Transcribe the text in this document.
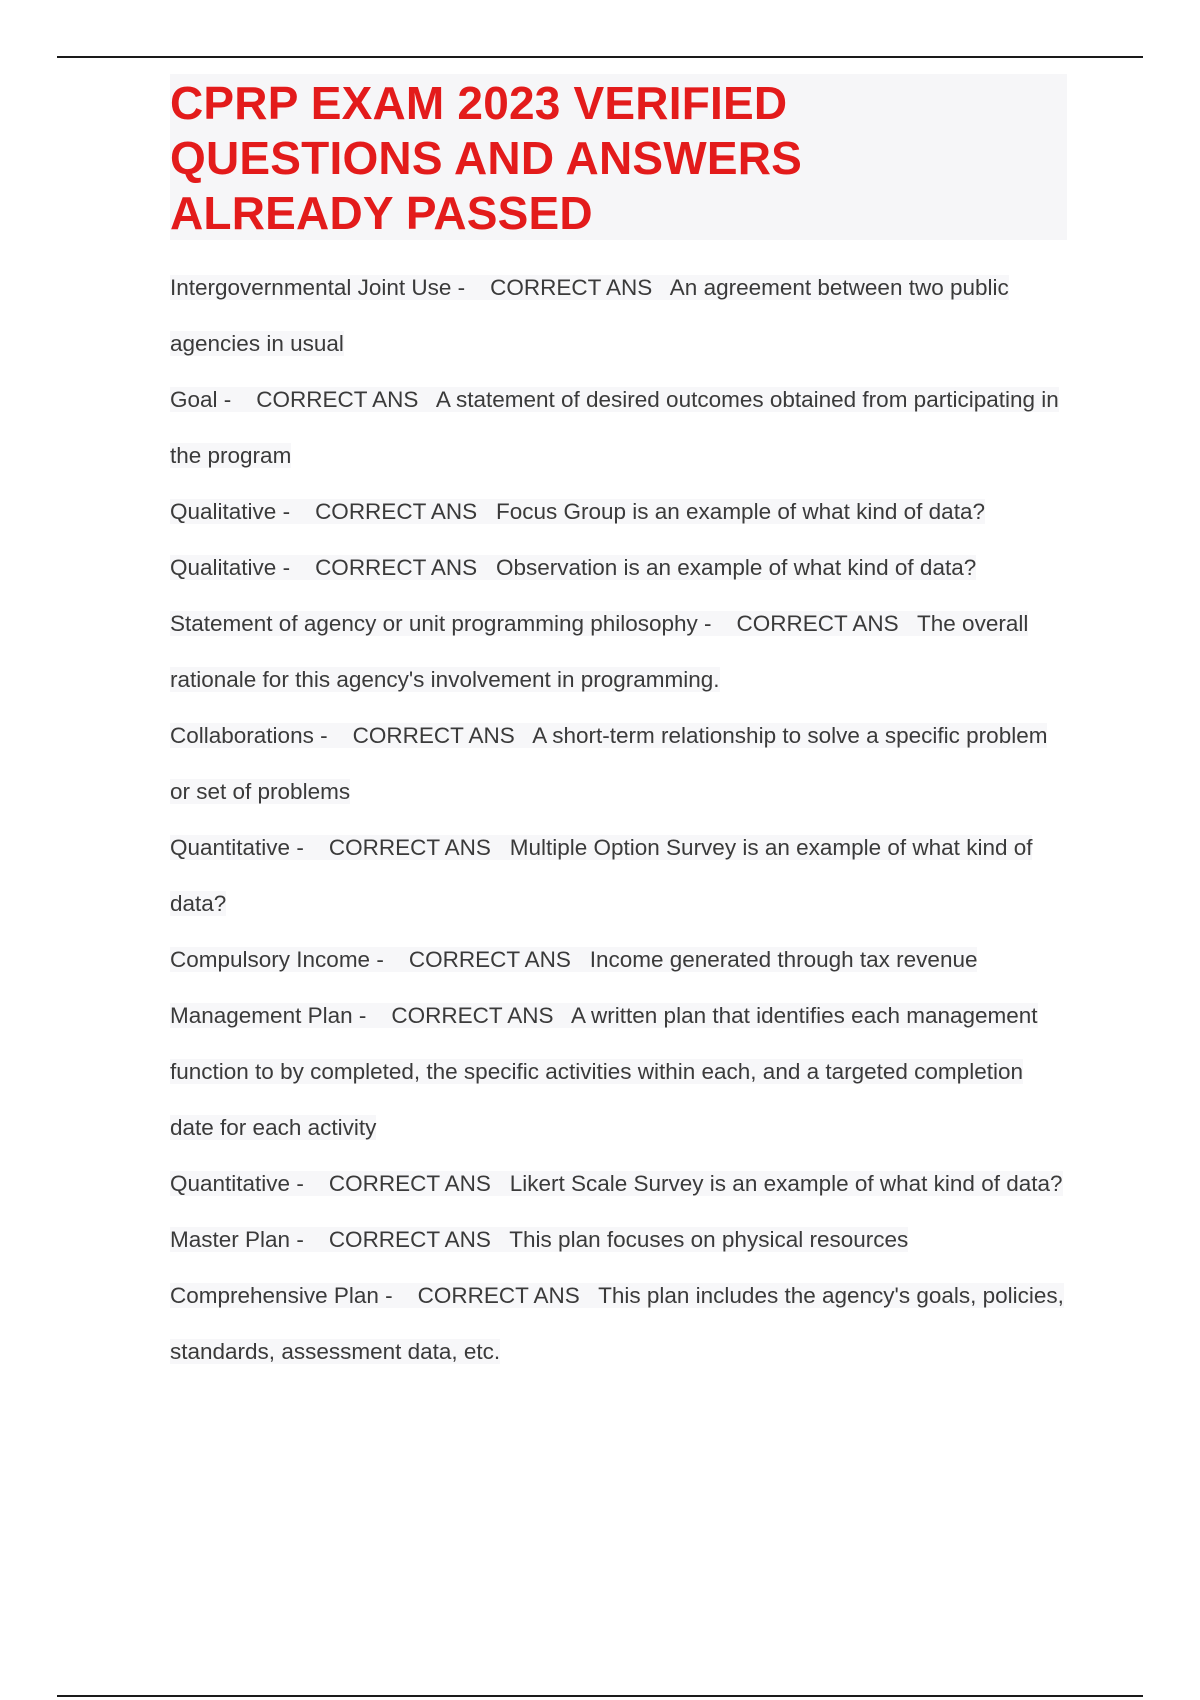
CPRP EXAM 2023 VERIFIED QUESTIONS AND ANSWERS ALREADY PASSED
Intergovernmental Joint Use -    CORRECT ANS An agreement between two public agencies in usual
Goal -    CORRECT ANS A statement of desired outcomes obtained from participating in the program
Qualitative -    CORRECT ANS Focus Group is an example of what kind of data?
Qualitative -    CORRECT ANS Observation is an example of what kind of data?
Statement of agency or unit programming philosophy -    CORRECT ANS The overall rationale for this agency's involvement in programming.
Collaborations -    CORRECT ANS A short-term relationship to solve a specific problem or set of problems
Quantitative -    CORRECT ANS Multiple Option Survey is an example of what kind of data?
Compulsory Income -    CORRECT ANS Income generated through tax revenue
Management Plan -    CORRECT ANS A written plan that identifies each management function to by completed, the specific activities within each, and a targeted completion date for each activity
Quantitative -    CORRECT ANS Likert Scale Survey is an example of what kind of data?
Master Plan -    CORRECT ANS This plan focuses on physical resources
Comprehensive Plan -    CORRECT ANS This plan includes the agency's goals, policies, standards, assessment data, etc.
